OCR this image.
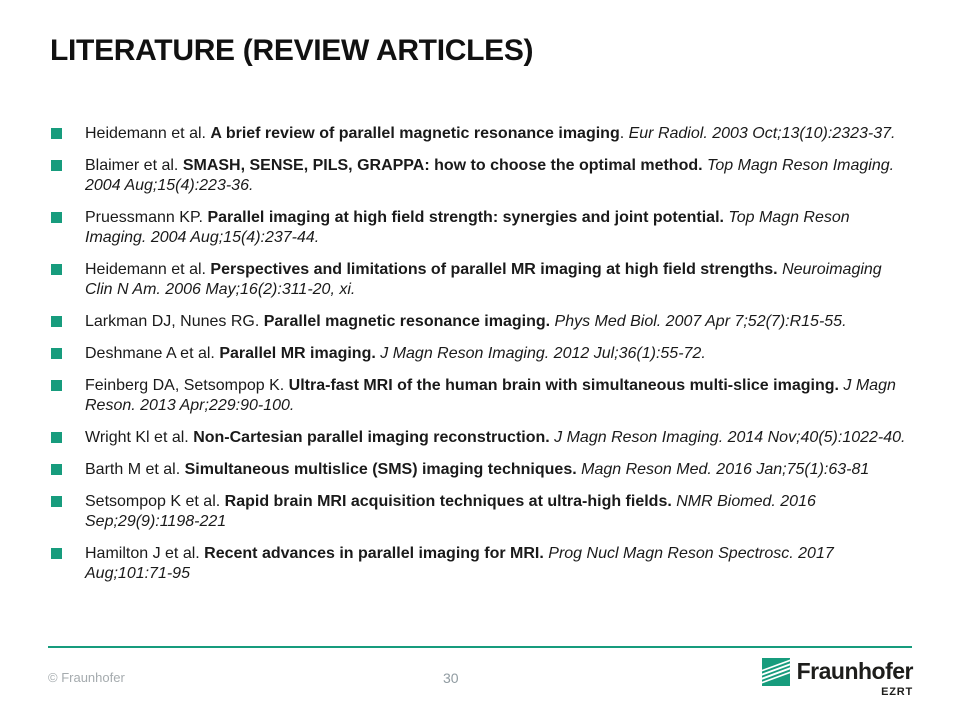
LITERATURE (REVIEW ARTICLES)
Heidemann et al. A brief review of parallel magnetic resonance imaging. Eur Radiol. 2003 Oct;13(10):2323-37.
Blaimer et al. SMASH, SENSE, PILS, GRAPPA: how to choose the optimal method. Top Magn Reson Imaging. 2004 Aug;15(4):223-36.
Pruessmann KP. Parallel imaging at high field strength: synergies and joint potential. Top Magn Reson Imaging. 2004 Aug;15(4):237-44.
Heidemann et al. Perspectives and limitations of parallel MR imaging at high field strengths. Neuroimaging Clin N Am. 2006 May;16(2):311-20, xi.
Larkman DJ, Nunes RG. Parallel magnetic resonance imaging. Phys Med Biol. 2007 Apr 7;52(7):R15-55.
Deshmane A et al. Parallel MR imaging. J Magn Reson Imaging. 2012 Jul;36(1):55-72.
Feinberg DA, Setsompop K. Ultra-fast MRI of the human brain with simultaneous multi-slice imaging. J Magn Reson. 2013 Apr;229:90-100.
Wright Kl et al. Non-Cartesian parallel imaging reconstruction. J Magn Reson Imaging. 2014 Nov;40(5):1022-40.
Barth M et al. Simultaneous multislice (SMS) imaging techniques. Magn Reson Med. 2016 Jan;75(1):63-81
Setsompop K et al. Rapid brain MRI acquisition techniques at ultra-high fields. NMR Biomed. 2016 Sep;29(9):1198-221
Hamilton J et al. Recent advances in parallel imaging for MRI. Prog Nucl Magn Reson Spectrosc. 2017 Aug;101:71-95
© Fraunhofer	30	Fraunhofer
EZRT
